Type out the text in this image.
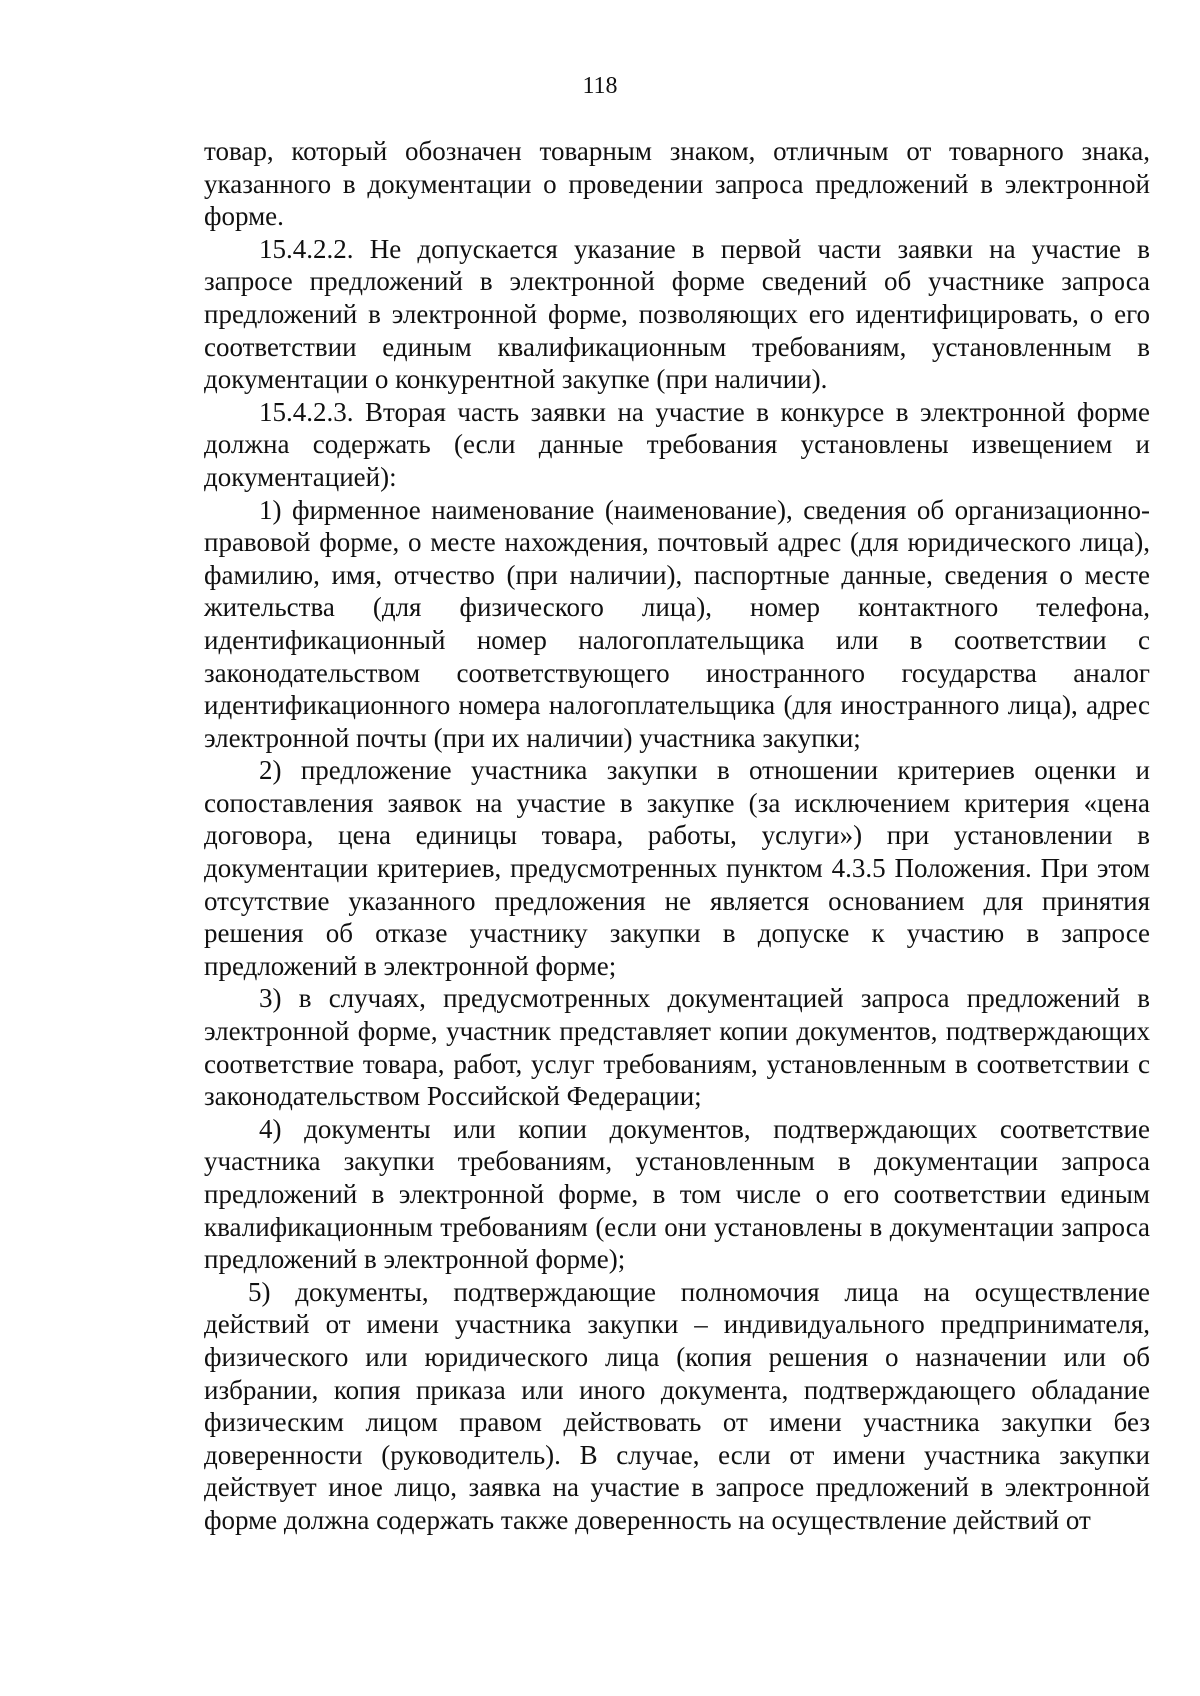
118

товар, который обозначен товарным знаком, отличным от товарного знака, указанного в документации о проведении запроса предложений в электронной форме.

15.4.2.2. Не допускается указание в первой части заявки на участие в запросе предложений в электронной форме сведений об участнике запроса предложений в электронной форме, позволяющих его идентифицировать, о его соответствии единым квалификационным требованиям, установленным в документации о конкурентной закупке (при наличии).

15.4.2.3. Вторая часть заявки на участие в конкурсе в электронной форме должна содержать (если данные требования установлены извещением и документацией):

1) фирменное наименование (наименование), сведения об организационно-правовой форме, о месте нахождения, почтовый адрес (для юридического лица), фамилию, имя, отчество (при наличии), паспортные данные, сведения о месте жительства (для физического лица), номер контактного телефона, идентификационный номер налогоплательщика или в соответствии с законодательством соответствующего иностранного государства аналог идентификационного номера налогоплательщика (для иностранного лица), адрес электронной почты (при их наличии) участника закупки;

2) предложение участника закупки в отношении критериев оценки и сопоставления заявок на участие в закупке (за исключением критерия «цена договора, цена единицы товара, работы, услуги») при установлении в документации критериев, предусмотренных пунктом 4.3.5 Положения. При этом отсутствие указанного предложения не является основанием для принятия решения об отказе участнику закупки в допуске к участию в запросе предложений в электронной форме;

3) в случаях, предусмотренных документацией запроса предложений в электронной форме, участник представляет копии документов, подтверждающих соответствие товара, работ, услуг требованиям, установленным в соответствии с законодательством Российской Федерации;

4) документы или копии документов, подтверждающих соответствие участника закупки требованиям, установленным в документации запроса предложений в электронной форме, в том числе о его соответствии единым квалификационным требованиям (если они установлены в документации запроса предложений в электронной форме);

5) документы, подтверждающие полномочия лица на осуществление действий от имени участника закупки – индивидуального предпринимателя, физического или юридического лица (копия решения о назначении или об избрании, копия приказа или иного документа, подтверждающего обладание физическим лицом правом действовать от имени участника закупки без доверенности (руководитель). В случае, если от имени участника закупки действует иное лицо, заявка на участие в запросе предложений в электронной форме должна содержать также доверенность на осуществление действий от
